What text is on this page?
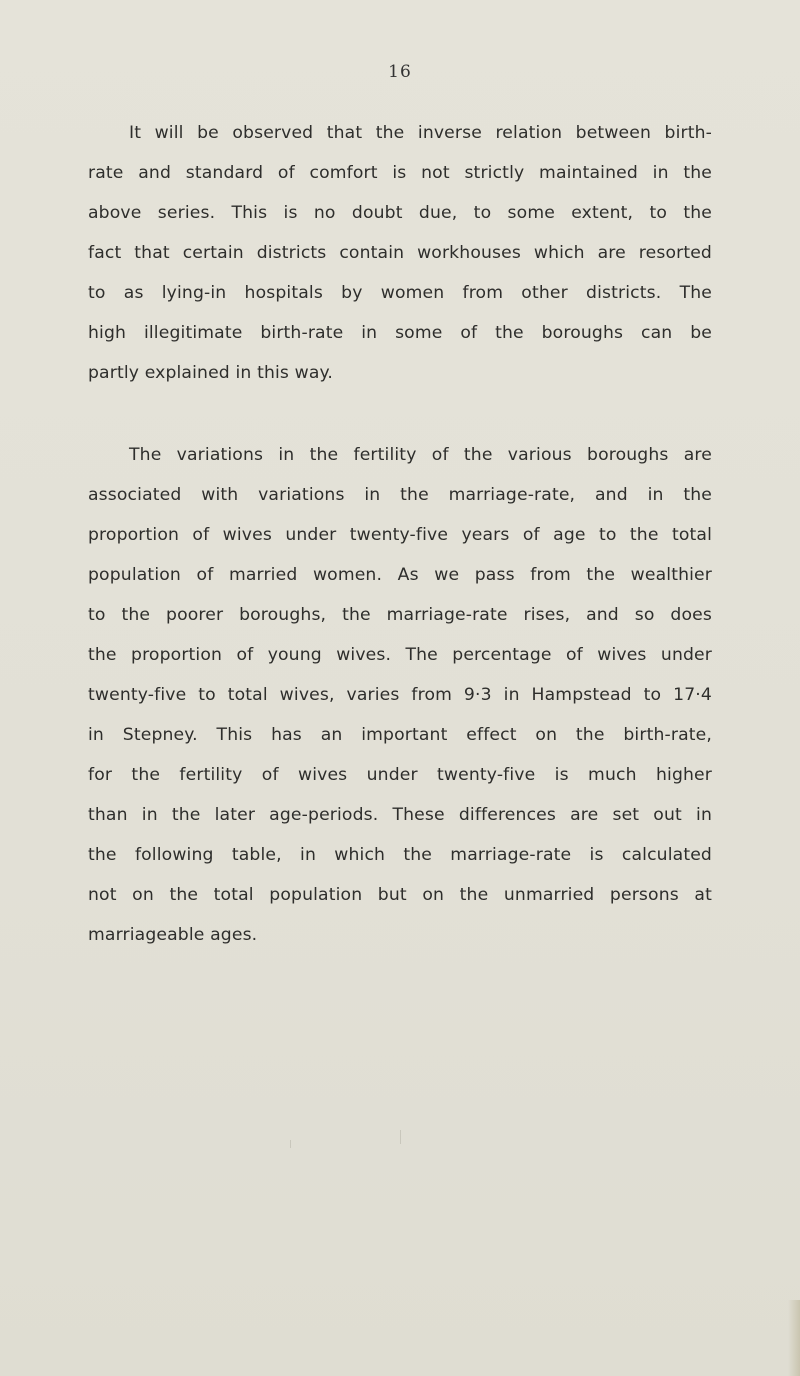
16
It will be observed that the inverse relation between birth-
rate and standard of comfort is not strictly maintained in the
above series. This is no doubt due, to some extent, to the
fact that certain districts contain workhouses which are resorted
to as lying-in hospitals by women from other districts. The
high illegitimate birth-rate in some of the boroughs can be
partly explained in this way.
The variations in the fertility of the various boroughs are
associated with variations in the marriage-rate, and in the
proportion of wives under twenty-five years of age to the total
population of married women. As we pass from the wealthier
to the poorer boroughs, the marriage-rate rises, and so does
the proportion of young wives. The percentage of wives under
twenty-five to total wives, varies from 9·3 in Hampstead to 17·4
in Stepney. This has an important effect on the birth-rate,
for the fertility of wives under twenty-five is much higher
than in the later age-periods. These differences are set out in
the following table, in which the marriage-rate is calculated
not on the total population but on the unmarried persons at
marriageable ages.
